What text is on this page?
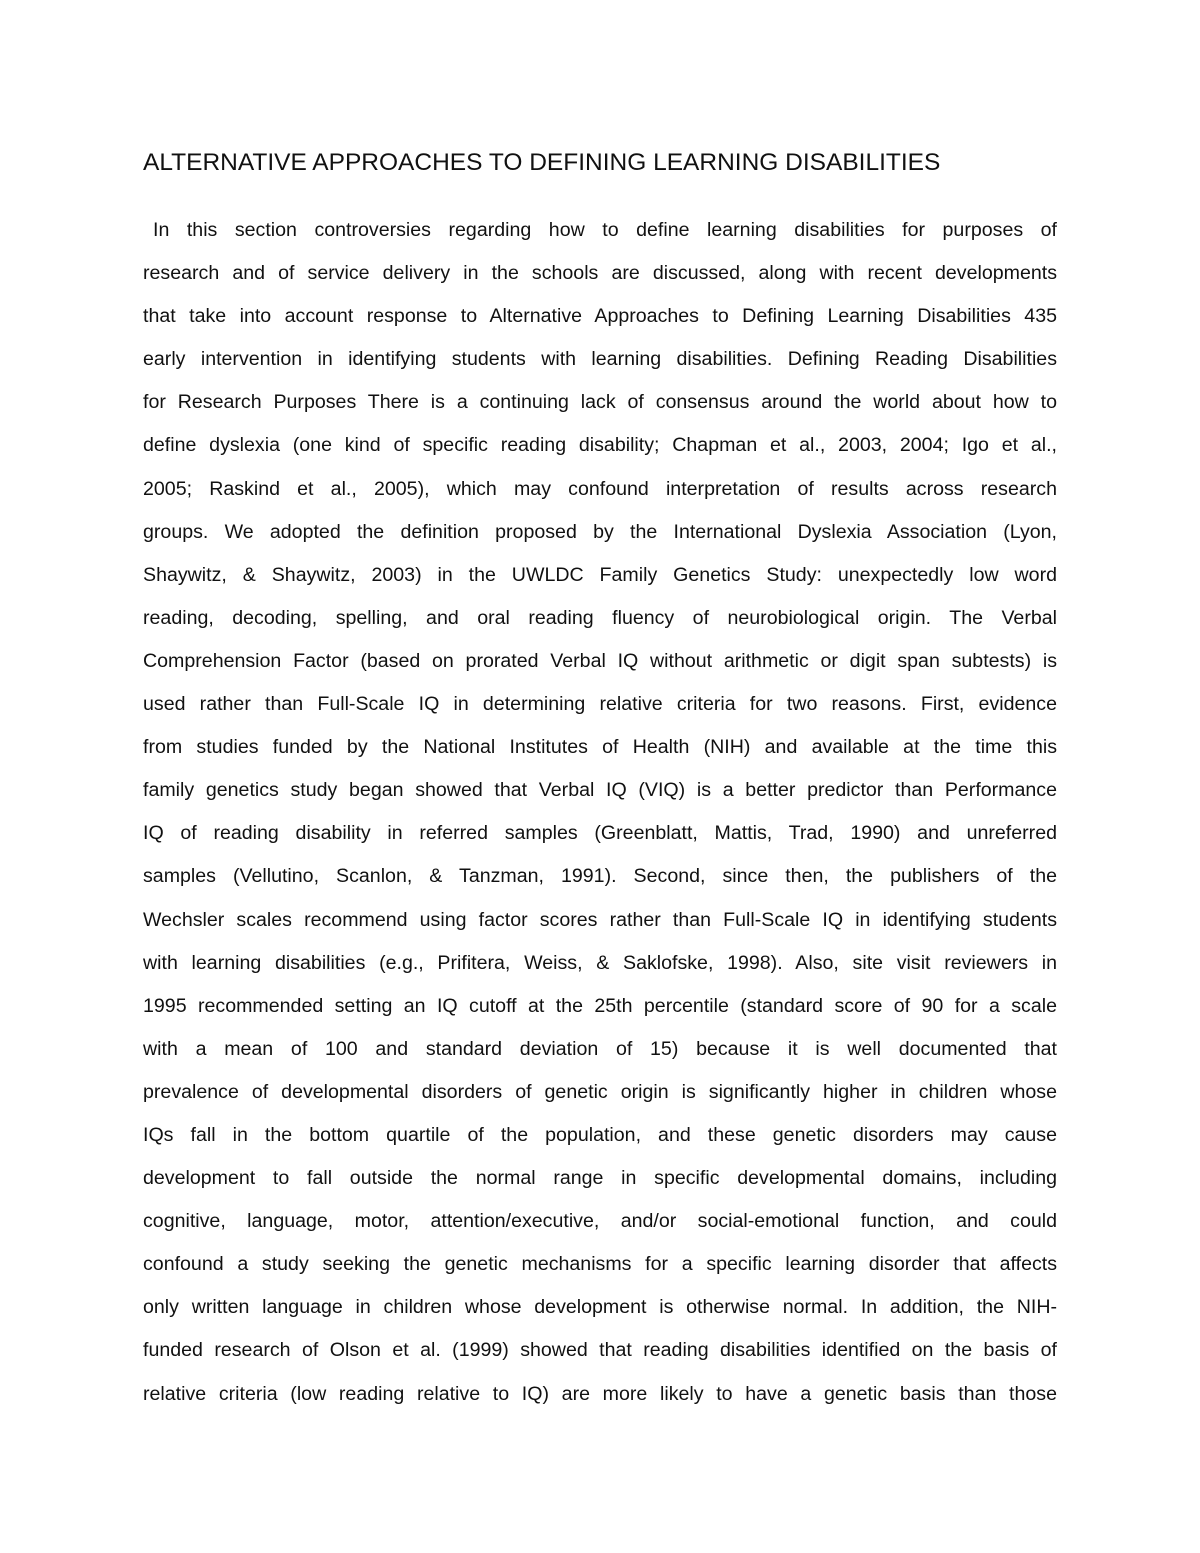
ALTERNATIVE APPROACHES TO DEFINING LEARNING DISABILITIES
In this section controversies regarding how to define learning disabilities for purposes of
research and of service delivery in the schools are discussed, along with recent developments
that take into account response to Alternative Approaches to Defining Learning Disabilities 435
early intervention in identifying students with learning disabilities. Defining Reading Disabilities
for Research Purposes There is a continuing lack of consensus around the world about how to
define dyslexia (one kind of specific reading disability; Chapman et al., 2003, 2004; Igo et al.,
2005; Raskind et al., 2005), which may confound interpretation of results across research
groups. We adopted the definition proposed by the International Dyslexia Association (Lyon,
Shaywitz, & Shaywitz, 2003) in the UWLDC Family Genetics Study: unexpectedly low word
reading, decoding, spelling, and oral reading fluency of neurobiological origin. The Verbal
Comprehension Factor (based on prorated Verbal IQ without arithmetic or digit span subtests) is
used rather than Full-Scale IQ in determining relative criteria for two reasons. First, evidence
from studies funded by the National Institutes of Health (NIH) and available at the time this
family genetics study began showed that Verbal IQ (VIQ) is a better predictor than Performance
IQ of reading disability in referred samples (Greenblatt, Mattis, Trad, 1990) and unreferred
samples (Vellutino, Scanlon, & Tanzman, 1991). Second, since then, the publishers of the
Wechsler scales recommend using factor scores rather than Full-Scale IQ in identifying students
with learning disabilities (e.g., Prifitera, Weiss, & Saklofske, 1998). Also, site visit reviewers in
1995 recommended setting an IQ cutoff at the 25th percentile (standard score of 90 for a scale
with a mean of 100 and standard deviation of 15) because it is well documented that
prevalence of developmental disorders of genetic origin is significantly higher in children whose
IQs fall in the bottom quartile of the population, and these genetic disorders may cause
development to fall outside the normal range in specific developmental domains, including
cognitive, language, motor, attention/executive, and/or social-emotional function, and could
confound a study seeking the genetic mechanisms for a specific learning disorder that affects
only written language in children whose development is otherwise normal. In addition, the NIH-
funded research of Olson et al. (1999) showed that reading disabilities identified on the basis of
relative criteria (low reading relative to IQ) are more likely to have a genetic basis than those
